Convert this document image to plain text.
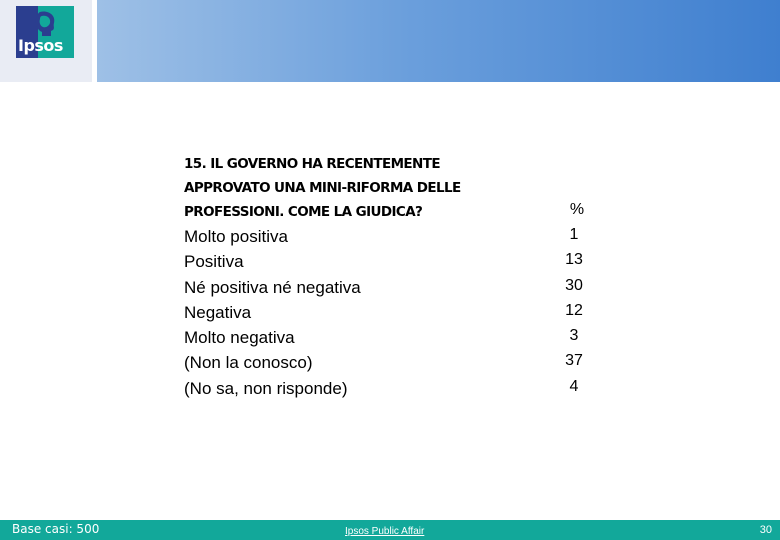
Ipsos
15. IL GOVERNO HA RECENTEMENTE
APPROVATO UNA MINI-RIFORMA DELLE
PROFESSIONI. COME LA GIUDICA?	%
Molto positiva	1
Positiva	13
Né positiva né negativa	30
Negativa	12
Molto negativa	3
(Non la conosco)	37
(No sa, non risponde)	4
Base casi: 500	Ipsos Public Affair	30
